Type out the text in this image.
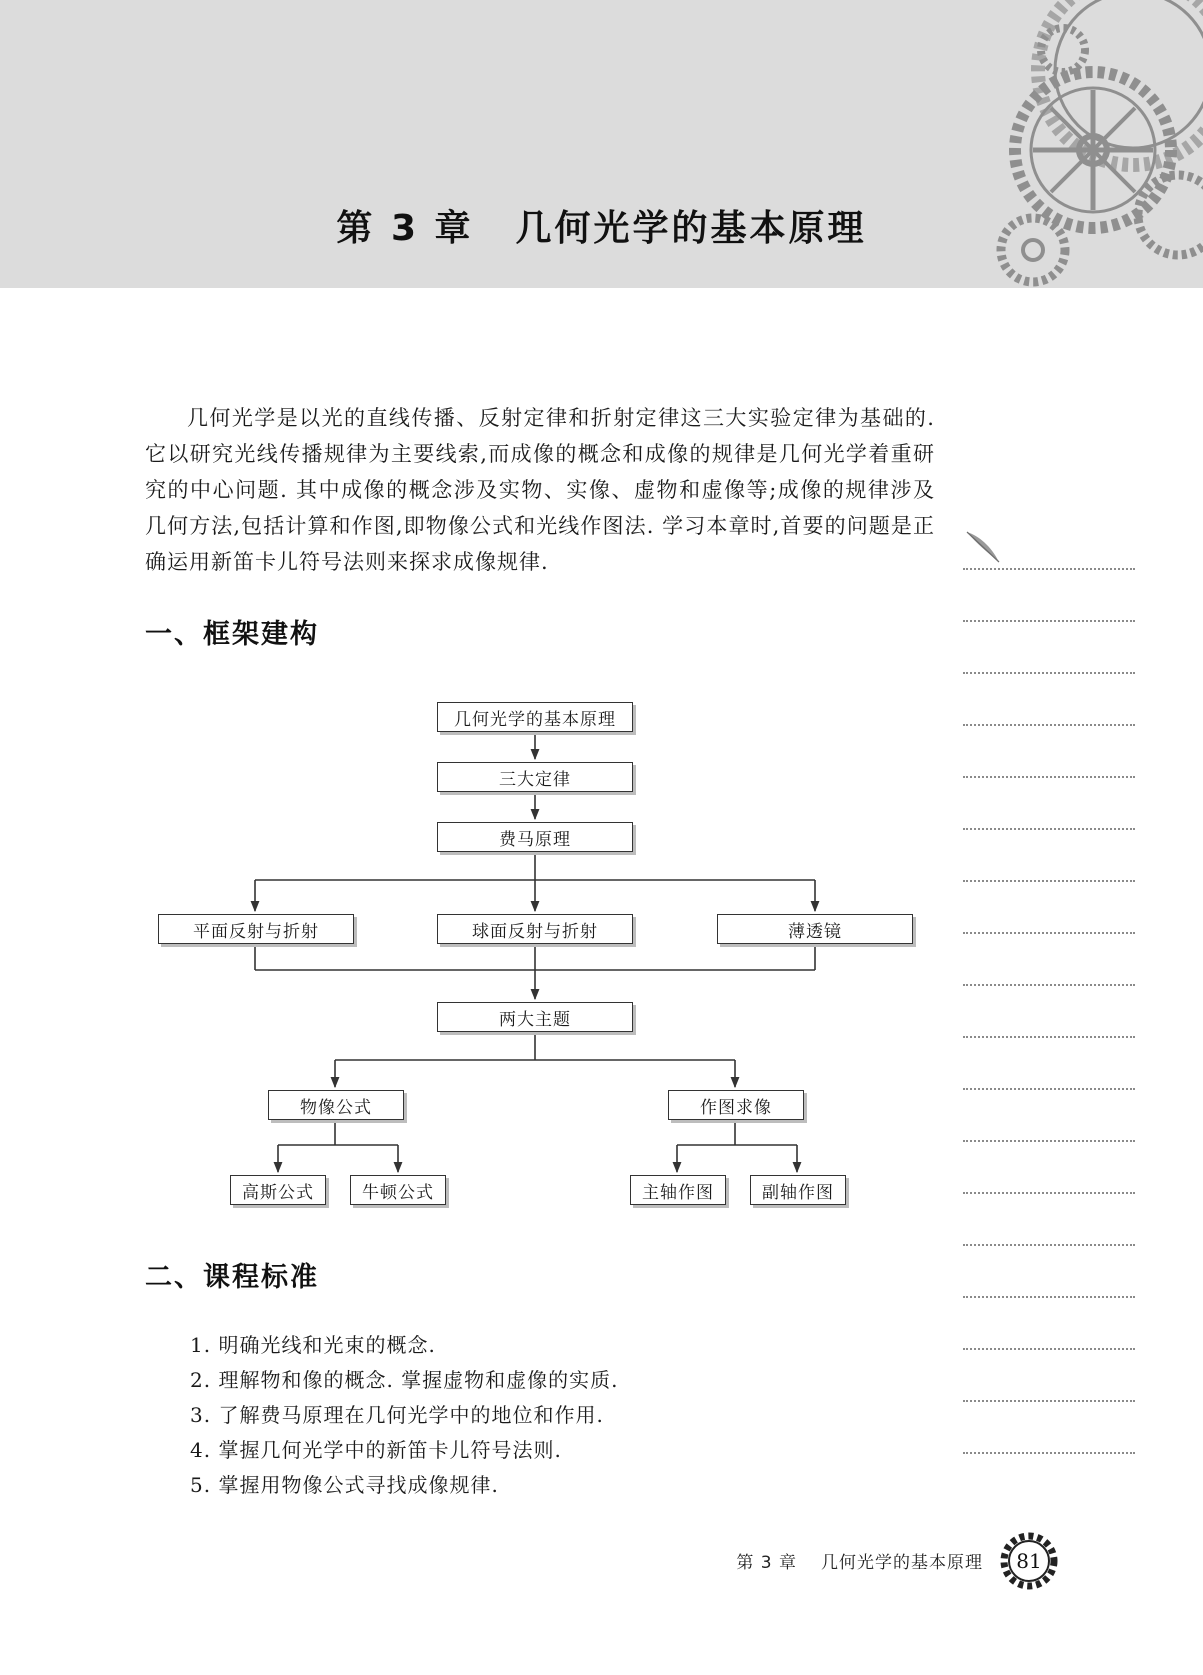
第 3 章 几何光学的基本原理
几何光学是以光的直线传播、反射定律和折射定律这三大实验定律为基础的. 它以研究光线传播规律为主要线索,而成像的概念和成像的规律是几何光学着重研究的中心问题. 其中成像的概念涉及实物、实像、虚物和虚像等;成像的规律涉及几何方法,包括计算和作图,即物像公式和光线作图法. 学习本章时,首要的问题是正确运用新笛卡儿符号法则来探求成像规律.
一、框架建构
几何光学的基本原理
三大定律
费马原理
平面反射与折射	球面反射与折射	薄透镜
两大主题
物像公式	作图求像
高斯公式	牛顿公式	主轴作图	副轴作图
二、课程标准
1. 明确光线和光束的概念.
2. 理解物和像的概念. 掌握虚物和虚像的实质.
3. 了解费马原理在几何光学中的地位和作用.
4. 掌握几何光学中的新笛卡儿符号法则.
5. 掌握用物像公式寻找成像规律.
第 3 章 几何光学的基本原理	81
